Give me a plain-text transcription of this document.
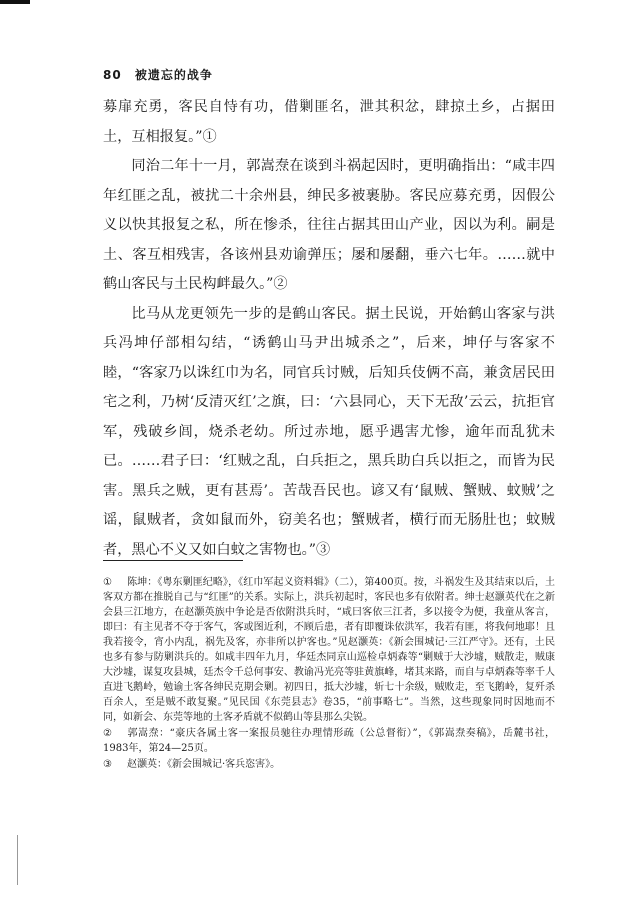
80 被遗忘的战争

募扉充勇，客民自恃有功，借剿匪名，泄其积忿，肆掠土乡，占据田土，互相报复。”①

同治二年十一月，郭嵩焘在谈到斗祸起因时，更明确指出：“咸丰四年红匪之乱，被扰二十余州县，绅民多被裹胁。客民应募充勇，因假公义以快其报复之私，所在惨杀，往往占据其田山产业，因以为利。嗣是土、客互相残害，各该州县劝谕弹压；屡和屡翻，垂六七年。……就中鹤山客民与土民构衅最久。”②

比马从龙更领先一步的是鹤山客民。据土民说，开始鹤山客家与洪兵冯坤仔部相勾结，“诱鹤山马尹出城杀之”，后来，坤仔与客家不睦，“客家乃以诛红巾为名，同官兵讨贼，后知兵伎俩不高，兼贪居民田宅之利，乃树‘反清灭红’之旗，曰：‘六县同心，天下无敌’云云，抗拒官军，残破乡闾，烧杀老幼。所过赤地，愿乎遇害尤惨，逾年而乱犹未已。……君子曰：‘红贼之乱，白兵拒之，黑兵助白兵以拒之，而皆为民害。黑兵之贼，更有甚焉’。苦哉吾民也。谚又有‘鼠贼、蟹贼、蚊贼’之谣，鼠贼者，贪如鼠而外，窃美名也；蟹贼者，横行而无肠肚也；蚊贼者，黑心不义又如白蚊之害物也。”③

① 陈坤：《粤东剿匪纪略》，《红巾军起义资料辑》（二），第400页。按，斗祸发生及其结束以后，土客双方都在推脱自己与“红匪”的关系。实际上，洪兵初起时，客民也多有依附者。绅士赵灏英代在之新会县三江地方，在赵灏英族中争论是否依附洪兵时，“咸曰客依三江者，多以接令为便，我童从客言，即曰：有主见者不夺于客气，客或图近利，不顾后患，者有即覆诛依洪军，我若有匪，将我何地耶！且我若接令，宵小内乱，祸先及客，亦非所以护客也。”见赵灏英：《新会围城记·三江严守》。还有，土民也多有参与防剿洪兵的。如咸丰四年九月，华廷杰同京山巡检卓炳森等“剿贼于大沙墟，贼散走，贼康大沙墟，谋复攻县城，廷杰令千总何事安、教谕冯光亮等驻黄旗峰，堵其来路，而自与卓炳森等率千人直进飞鹅岭，勉谕土客各绅民克期会剿。初四日，抵大沙墟，斩七十余级，贼败走，至飞鹅岭，复歼杀百余人，至是贼不敢复聚。”见民国《东莞县志》卷35，“前事略七”。当然，这些现象同时因地而不同，如新会、东莞等地的土客矛盾就不似鹤山等县那么尖锐。

② 郭嵩焘：“豪庆各属土客一案报员驰往办理情形疏（公总督衔）”，《郭嵩焘奏稿》，岳麓书社，1983年，第24—25页。

③ 赵灏英：《新会围城记·客兵恣害》。
